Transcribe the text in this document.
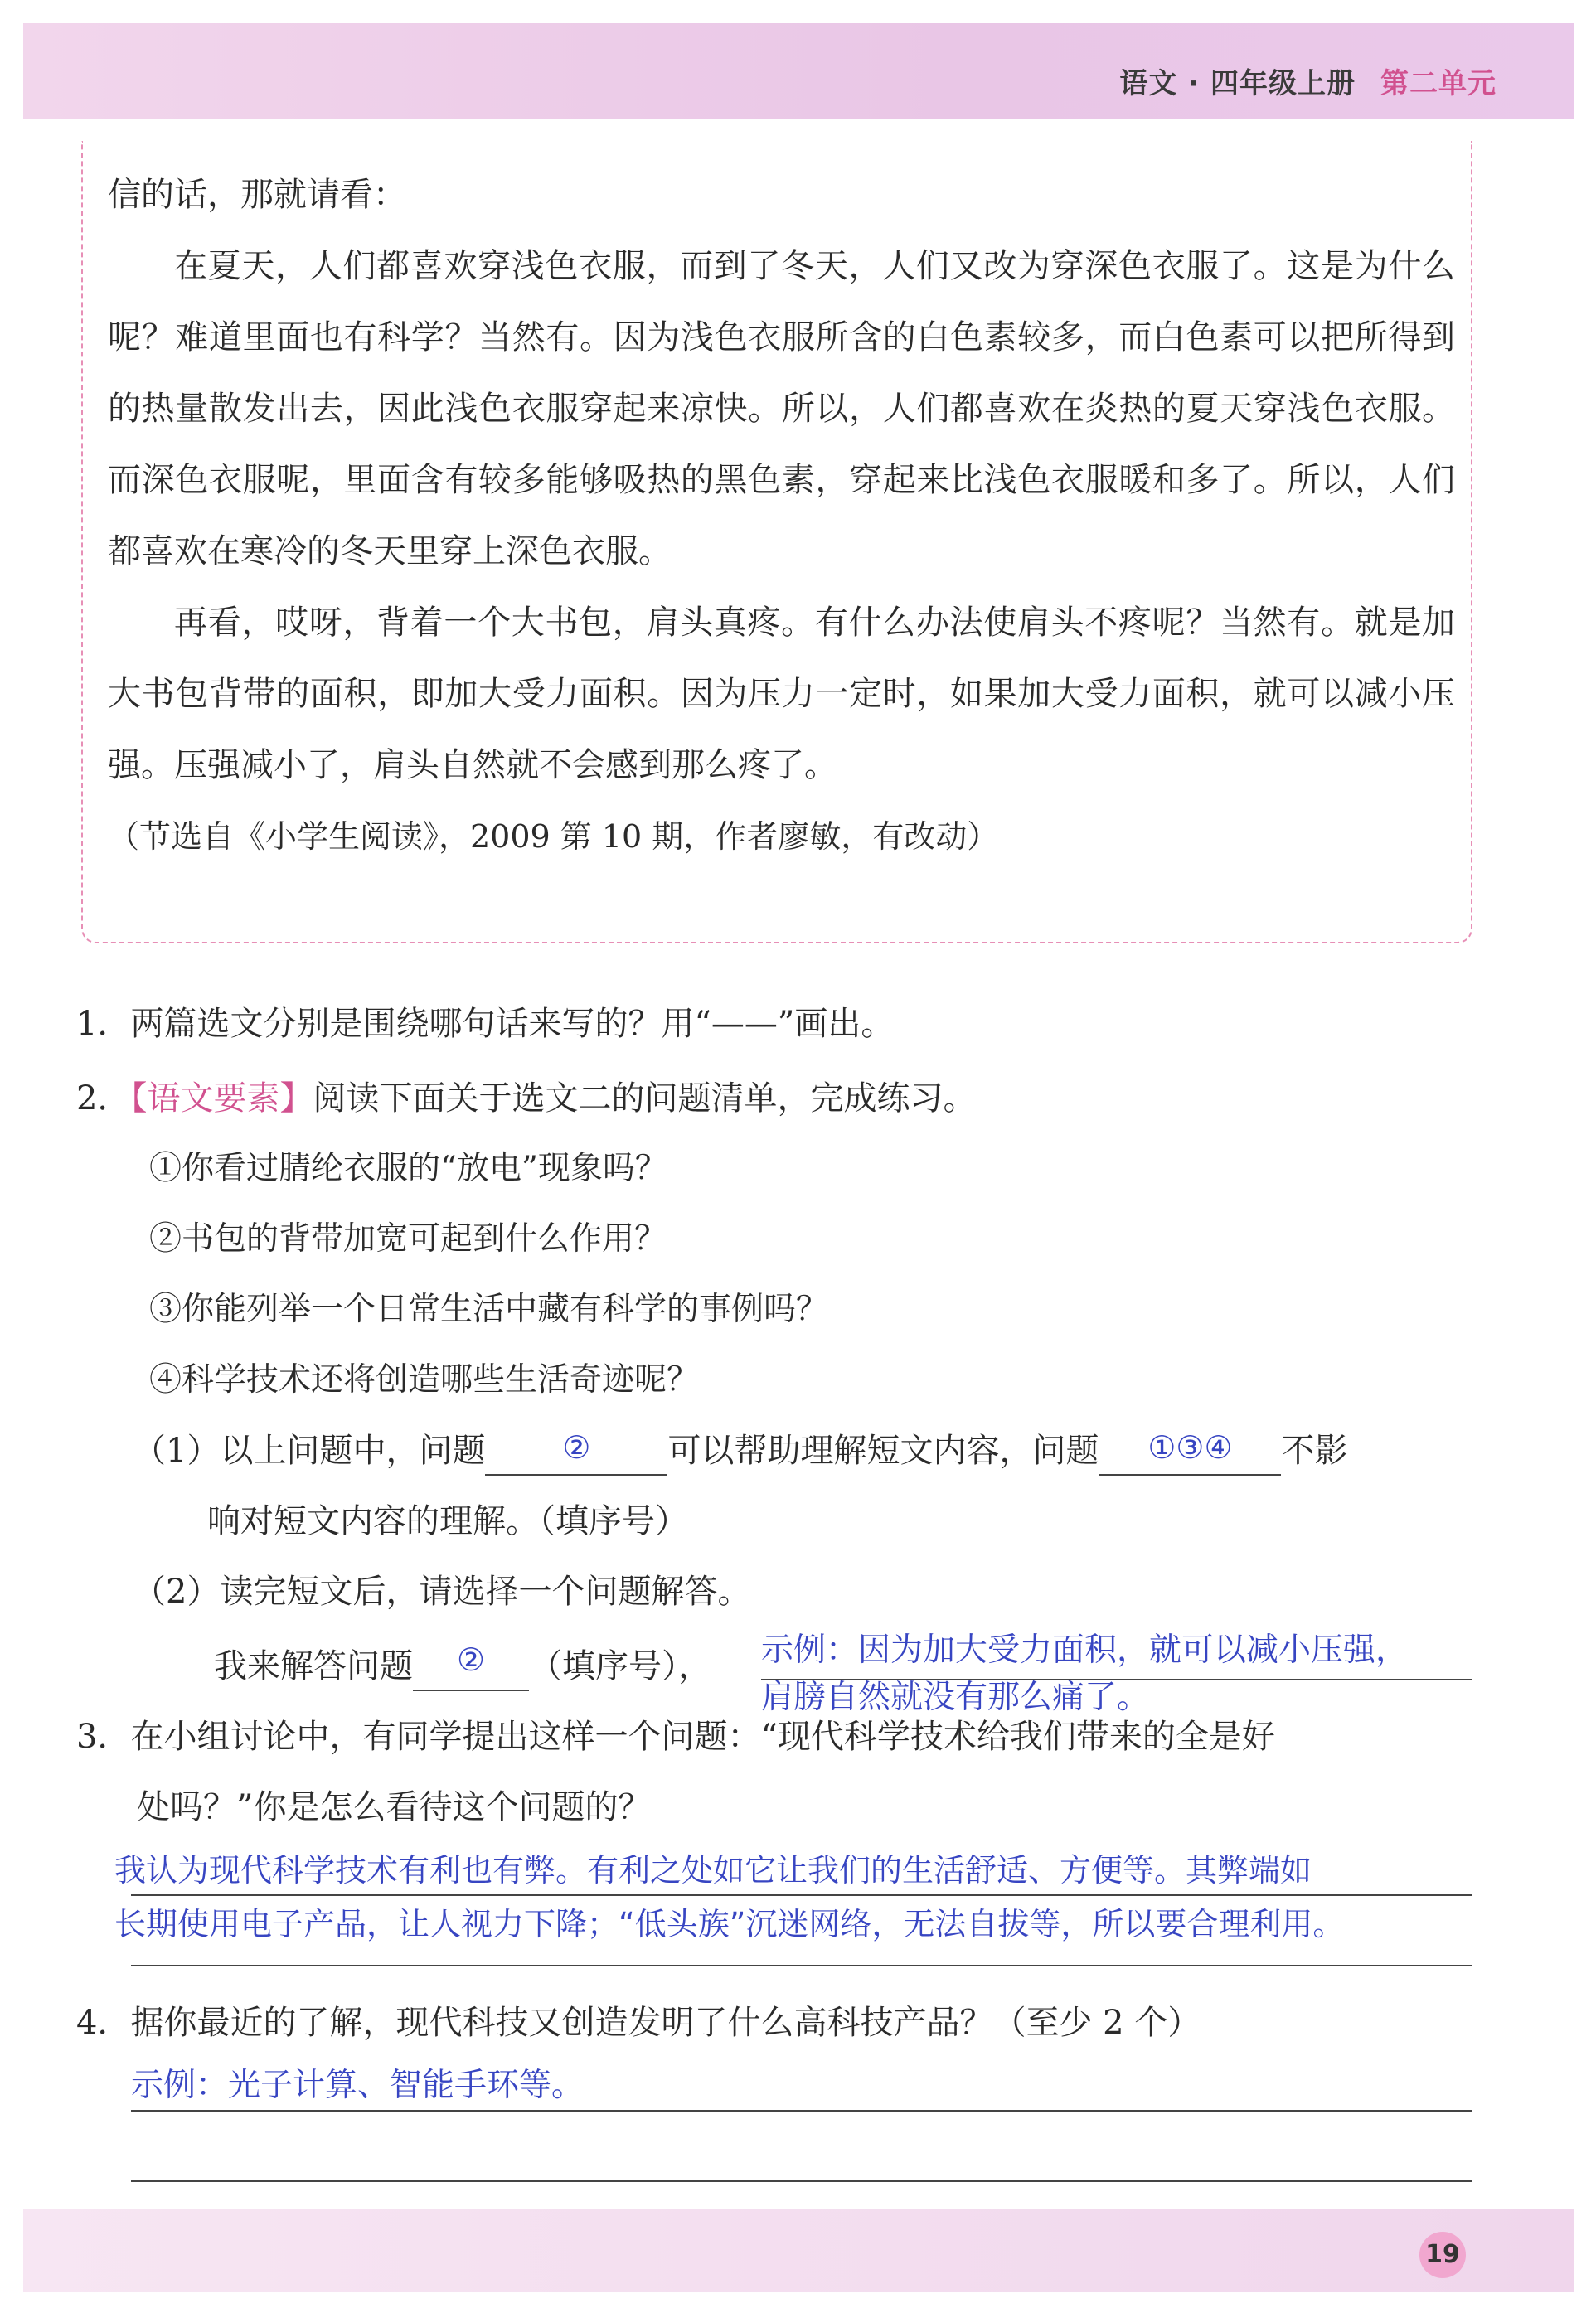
语文 · 四年级上册 第二单元

信的话，那就请看：

在夏天，人们都喜欢穿浅色衣服，而到了冬天，人们又改为穿深色衣服了。这是为什么呢？难道里面也有科学？当然有。因为浅色衣服所含的白色素较多，而白色素可以把所得到的热量散发出去，因此浅色衣服穿起来凉快。所以，人们都喜欢在炎热的夏天穿浅色衣服。而深色衣服呢，里面含有较多能够吸热的黑色素，穿起来比浅色衣服暖和多了。所以，人们都喜欢在寒冷的冬天里穿上深色衣服。

再看，哎呀，背着一个大书包，肩头真疼。有什么办法使肩头不疼呢？当然有。就是加大书包背带的面积，即加大受力面积。因为压力一定时，如果加大受力面积，就可以减小压强。压强减小了，肩头自然就不会感到那么疼了。

（节选自《小学生阅读》，2009 第 10 期，作者廖敏，有改动）

1．两篇选文分别是围绕哪句话来写的？用“——”画出。
2．【语文要素】阅读下面关于选文二的问题清单，完成练习。
①你看过腈纶衣服的“放电”现象吗？
②书包的背带加宽可起到什么作用？
③你能列举一个日常生活中藏有科学的事例吗？
④科学技术还将创造哪些生活奇迹呢？
（1）以上问题中，问题	②	可以帮助理解短文内容，问题	①③④	不影
响对短文内容的理解。（填序号）
（2）读完短文后，请选择一个问题解答。
我来解答问题	②	（填序号）， 示例：因为加大受力面积，就可以减小压强，
肩膀自然就没有那么痛了。
3．在小组讨论中，有同学提出这样一个问题：“现代科学技术给我们带来的全是好
处吗？”你是怎么看待这个问题的？
我认为现代科学技术有利也有弊。有利之处如它让我们的生活舒适、方便等。其弊端如
长期使用电子产品，让人视力下降；“低头族”沉迷网络，无法自拔等，所以要合理利用。
4．据你最近的了解，现代科技又创造发明了什么高科技产品？（至少 2 个）
示例：光子计算、智能手环等。
19
